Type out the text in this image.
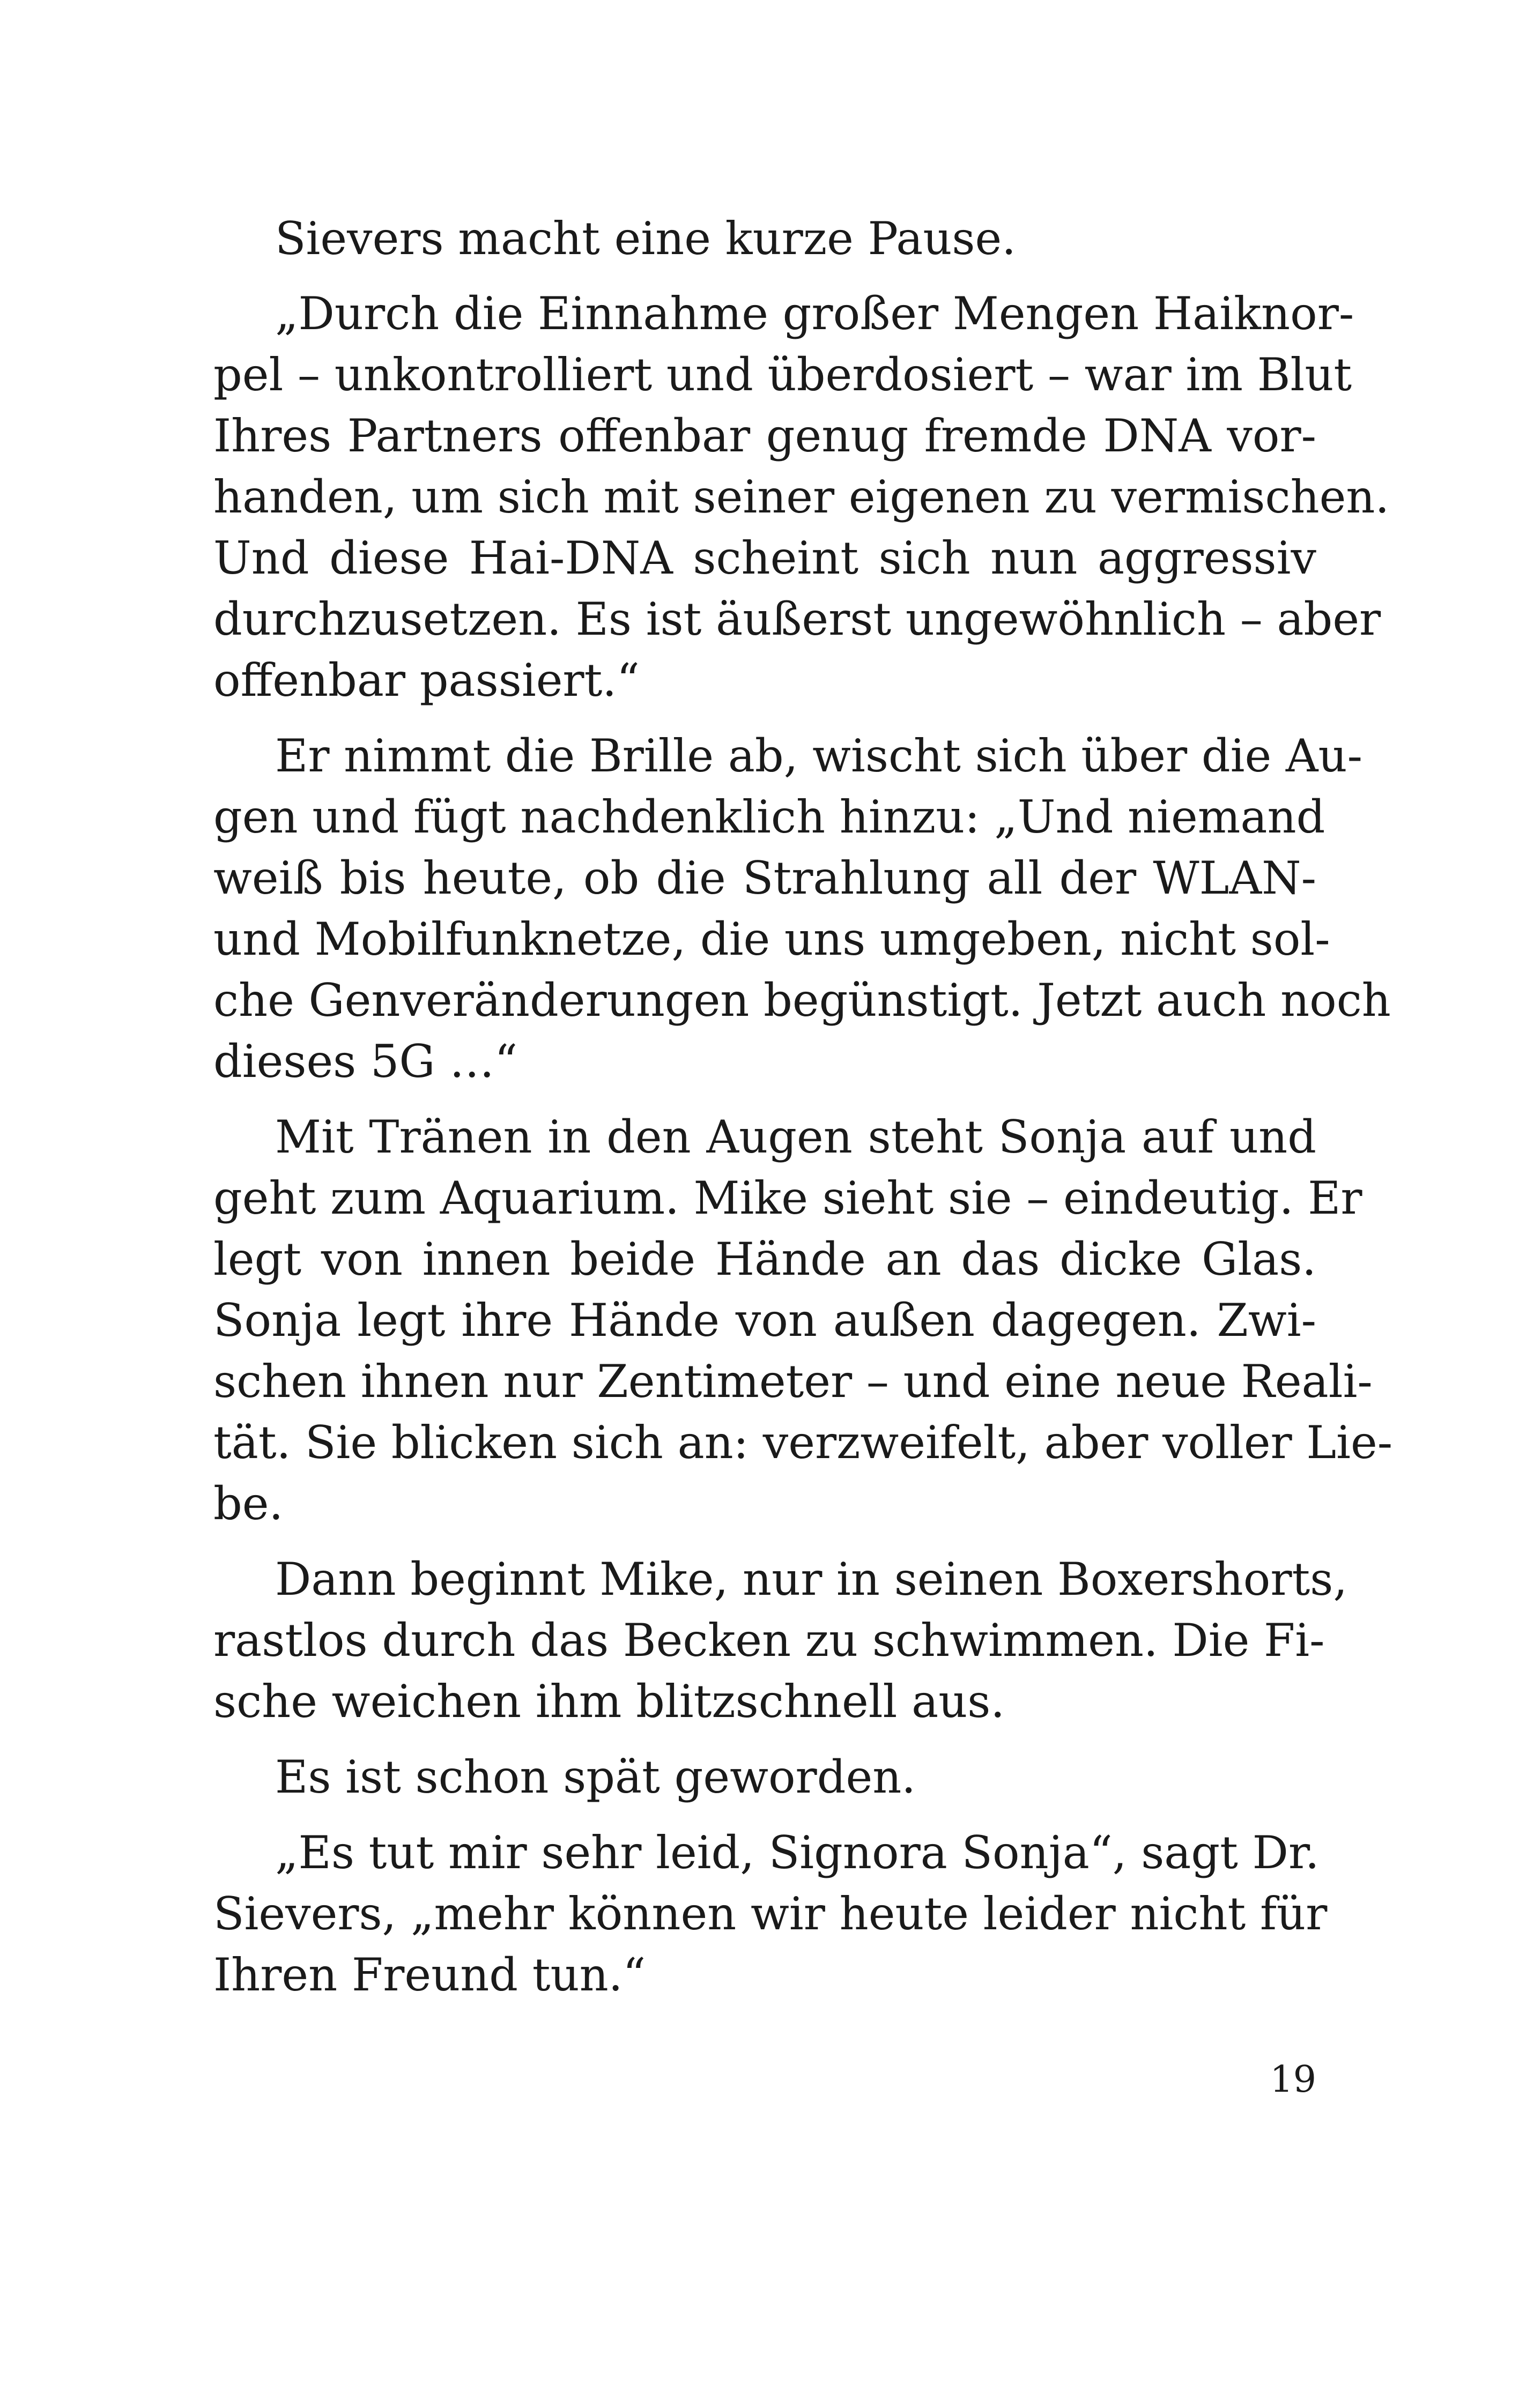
Sievers macht eine kurze Pause.
„Durch die Einnahme großer Mengen Haiknor-
pel – unkontrolliert und überdosiert – war im Blut
Ihres Partners offenbar genug fremde DNA vor-
handen, um sich mit seiner eigenen zu vermischen.
Und diese Hai-DNA scheint sich nun aggressiv
durchzusetzen. Es ist äußerst ungewöhnlich – aber
offenbar passiert.“
Er nimmt die Brille ab, wischt sich über die Au-
gen und fügt nachdenklich hinzu: „Und niemand
weiß bis heute, ob die Strahlung all der WLAN-
und Mobilfunknetze, die uns umgeben, nicht sol-
che Genveränderungen begünstigt. Jetzt auch noch
dieses 5G …“
Mit Tränen in den Augen steht Sonja auf und
geht zum Aquarium. Mike sieht sie – eindeutig. Er
legt von innen beide Hände an das dicke Glas.
Sonja legt ihre Hände von außen dagegen. Zwi-
schen ihnen nur Zentimeter – und eine neue Reali-
tät. Sie blicken sich an: verzweifelt, aber voller Lie-
be.
Dann beginnt Mike, nur in seinen Boxershorts,
rastlos durch das Becken zu schwimmen. Die Fi-
sche weichen ihm blitzschnell aus.
Es ist schon spät geworden.
„Es tut mir sehr leid, Signora Sonja“, sagt Dr.
Sievers, „mehr können wir heute leider nicht für
Ihren Freund tun.“
19
